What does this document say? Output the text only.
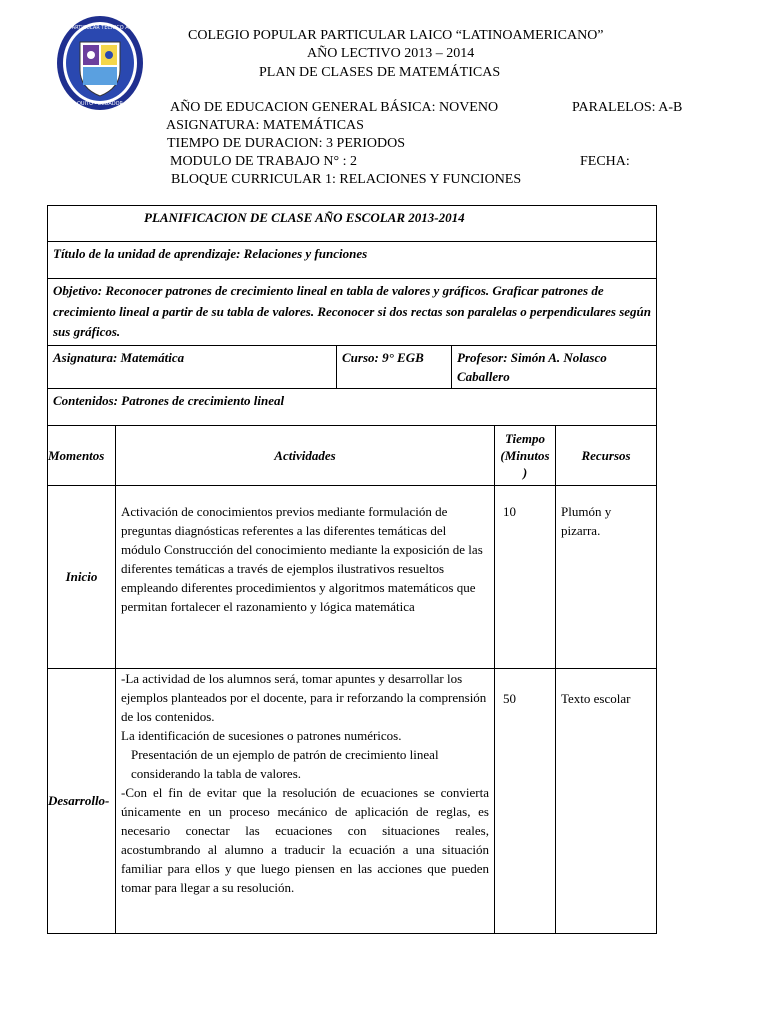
COLEGIO PARTICULAR TECNICO AUTONOMO
QUITO - ECUADOR
COLEGIO POPULAR PARTICULAR LAICO “LATINOAMERICANO”
AÑO LECTIVO 2013 – 2014
PLAN DE CLASES DE MATEMÁTICAS
AÑO DE EDUCACION GENERAL BÁSICA: NOVENO	PARALELOS: A-B
ASIGNATURA: MATEMÁTICAS
TIEMPO DE DURACION: 3 PERIODOS
MODULO DE TRABAJO N° : 2	FECHA:
BLOQUE CURRICULAR 1: RELACIONES Y FUNCIONES
PLANIFICACION DE CLASE AÑO ESCOLAR 2013-2014					
Título de la unidad de aprendizaje: Relaciones y funciones					
Objetivo: Reconocer patrones de crecimiento lineal en tabla de valores y gráficos. Graficar patrones de crecimiento lineal a partir de su tabla de valores. Reconocer si dos rectas son paralelas o perpendiculares según sus gráficos.					
Asignatura: Matemática		Curso: 9° EGB	Profesor: Simón A. Nolasco Caballero		
Contenidos: Patrones de crecimiento lineal					
Momentos	Actividades			Tiempo (Minutos )	Recursos
Inicio	Activación de conocimientos previos mediante formulación de preguntas diagnósticas referentes a las diferentes temáticas del módulo Construcción del conocimiento mediante la exposición de las diferentes temáticas a través de ejemplos ilustrativos resueltos empleando diferentes procedimientos y algoritmos matemáticos que permitan fortalecer el razonamiento y lógica matemática			10	Plumón y pizarra.
Desarrollo-	-La actividad de los alumnos será, tomar apuntes y desarrollar los ejemplos planteados por el docente, para ir reforzando la comprensión de los contenidos.
La identificación de sucesiones o patrones numéricos.
Presentación de un ejemplo de patrón de crecimiento lineal considerando la tabla de valores.
-Con el fin de evitar que la resolución de ecuaciones se convierta únicamente en un proceso mecánico de aplicación de reglas, es necesario conectar las ecuaciones con situaciones reales, acostumbrando al alumno a traducir la ecuación a una situación familiar para ellos y que luego piensen en las acciones que pueden tomar para llegar a su resolución.			50	Texto escolar
